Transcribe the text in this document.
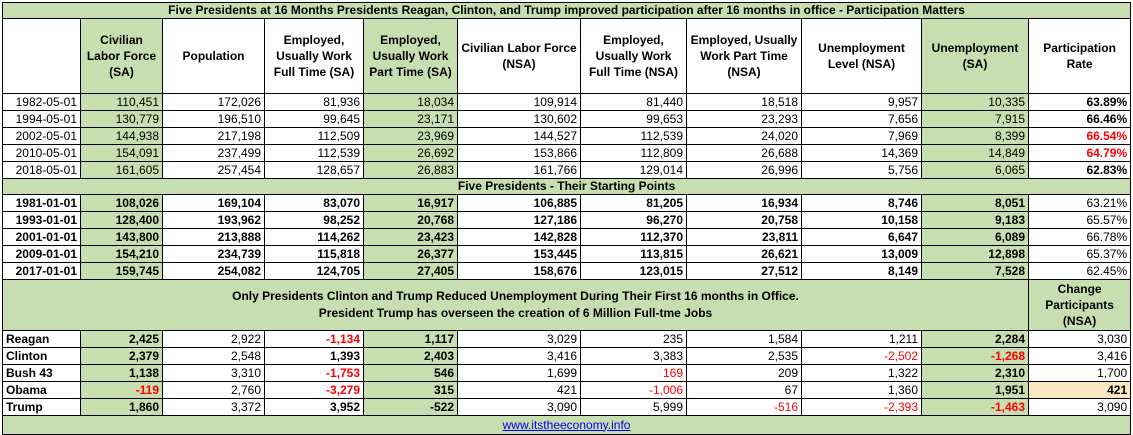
Five Presidents at 16 Months Presidents Reagan, Clinton, and Trump improved participation after 16 months in office - Participation Matters										
	Civilian Labor Force (SA)	Population	Employed, Usually Work Full Time (SA)	Employed, Usually Work Part Time (SA)	Civilian Labor Force (NSA)	Employed, Usually Work Full Time (NSA)	Employed, Usually Work Part Time (NSA)	Unemployment Level (NSA)	Unemployment (SA)	Participation Rate
1982-05-01	110,451	172,026	81,936	18,034	109,914	81,440	18,518	9,957	10,335	63.89%
1994-05-01	130,779	196,510	99,645	23,171	130,602	99,653	23,293	7,656	7,915	66.46%
2002-05-01	144,938	217,198	112,509	23,969	144,527	112,539	24,020	7,969	8,399	66.54%
2010-05-01	154,091	237,499	112,539	26,692	153,866	112,809	26,688	14,369	14,849	64.79%
2018-05-01	161,605	257,454	128,657	26,883	161,766	129,014	26,996	5,756	6,065	62.83%
Five Presidents - Their Starting Points										
1981-01-01	108,026	169,104	83,070	16,917	106,885	81,205	16,934	8,746	8,051	63.21%
1993-01-01	128,400	193,962	98,252	20,768	127,186	96,270	20,758	10,158	9,183	65.57%
2001-01-01	143,800	213,888	114,262	23,423	142,828	112,370	23,811	6,647	6,089	66.78%
2009-01-01	154,210	234,739	115,818	26,377	153,445	113,815	26,621	13,009	12,898	65.37%
2017-01-01	159,745	254,082	124,705	27,405	158,676	123,015	27,512	8,149	7,528	62.45%

Only Presidents Clinton and Trump Reduced Unemployment During Their First 16 months in Office.
President Trump has overseen the creation of 6 Million Full-tme Jobs										Change Participants (NSA)
Reagan	2,425	2,922	-1,134	1,117	3,029	235	1,584	1,211	2,284	3,030
Clinton	2,379	2,548	1,393	2,403	3,416	3,383	2,535	-2,502	-1,268	3,416
Bush 43	1,138	3,310	-1,753	546	1,699	169	209	1,322	2,310	1,700
Obama	-119	2,760	-3,279	315	421	-1,006	67	1,360	1,951	421
Trump	1,860	3,372	3,952	-522	3,090	5,999	-516	-2,393	-1,463	3,090
www.itstheeconomy.info										
